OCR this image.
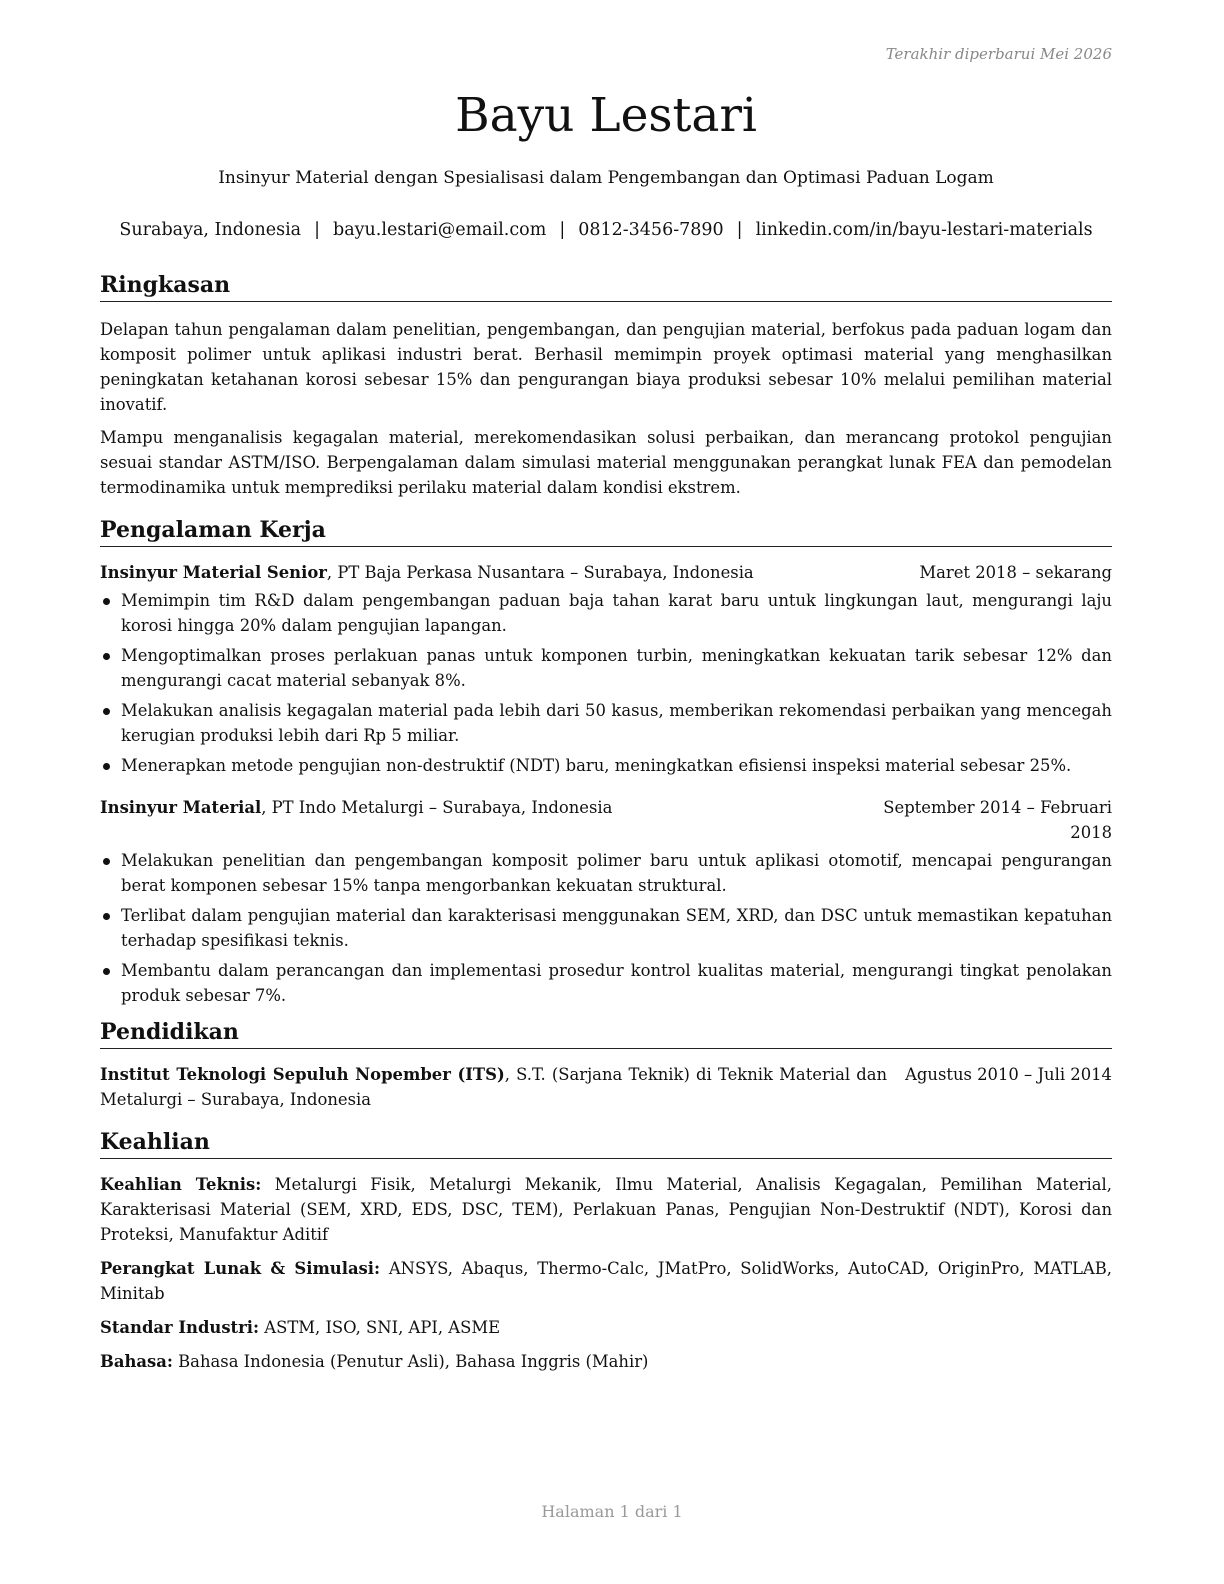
Terakhir diperbarui Mei 2026
Bayu Lestari
Insinyur Material dengan Spesialisasi dalam Pengembangan dan Optimasi Paduan Logam
Surabaya, Indonesia | bayu.lestari@email.com | 0812-3456-7890 | linkedin.com/in/bayu-lestari-materials
Ringkasan

Delapan tahun pengalaman dalam penelitian, pengembangan, dan pengujian material, berfokus pada paduan logam dan komposit polimer untuk aplikasi industri berat. Berhasil memimpin proyek optimasi material yang menghasilkan peningkatan ketahanan korosi sebesar 15% dan pengurangan biaya produksi sebesar 10% melalui pemilihan material inovatif.

Mampu menganalisis kegagalan material, merekomendasikan solusi perbaikan, dan merancang protokol pengujian sesuai standar ASTM/ISO. Berpengalaman dalam simulasi material menggunakan perangkat lunak FEA dan pemodelan termodinamika untuk memprediksi perilaku material dalam kondisi ekstrem.

Pengalaman Kerja
Insinyur Material Senior, PT Baja Perkasa Nusantara – Surabaya, Indonesia	Maret 2018 – sekarang
Memimpin tim R&D dalam pengembangan paduan baja tahan karat baru untuk lingkungan laut, mengurangi laju korosi hingga 20% dalam pengujian lapangan.
Mengoptimalkan proses perlakuan panas untuk komponen turbin, meningkatkan kekuatan tarik sebesar 12% dan mengurangi cacat material sebanyak 8%.
Melakukan analisis kegagalan material pada lebih dari 50 kasus, memberikan rekomendasi perbaikan yang mencegah kerugian produksi lebih dari Rp 5 miliar.
Menerapkan metode pengujian non-destruktif (NDT) baru, meningkatkan efisiensi inspeksi material sebesar 25%.
Insinyur Material, PT Indo Metalurgi – Surabaya, Indonesia	September 2014 – Februari 2018
Melakukan penelitian dan pengembangan komposit polimer baru untuk aplikasi otomotif, mencapai pengurangan berat komponen sebesar 15% tanpa mengorbankan kekuatan struktural.
Terlibat dalam pengujian material dan karakterisasi menggunakan SEM, XRD, dan DSC untuk memastikan kepatuhan terhadap spesifikasi teknis.
Membantu dalam perancangan dan implementasi prosedur kontrol kualitas material, mengurangi tingkat penolakan produk sebesar 7%.
Pendidikan
Institut Teknologi Sepuluh Nopember (ITS), S.T. (Sarjana Teknik) di Teknik Material dan Metalurgi – Surabaya, Indonesia
Agustus 2010 – Juli 2014
Keahlian

Keahlian Teknis: Metalurgi Fisik, Metalurgi Mekanik, Ilmu Material, Analisis Kegagalan, Pemilihan Material, Karakterisasi Material (SEM, XRD, EDS, DSC, TEM), Perlakuan Panas, Pengujian Non-Destruktif (NDT), Korosi dan Proteksi, Manufaktur Aditif

Perangkat Lunak & Simulasi: ANSYS, Abaqus, Thermo-Calc, JMatPro, SolidWorks, AutoCAD, OriginPro, MATLAB, Minitab

Standar Industri: ASTM, ISO, SNI, API, ASME

Bahasa: Bahasa Indonesia (Penutur Asli), Bahasa Inggris (Mahir)

Halaman 1 dari 1
